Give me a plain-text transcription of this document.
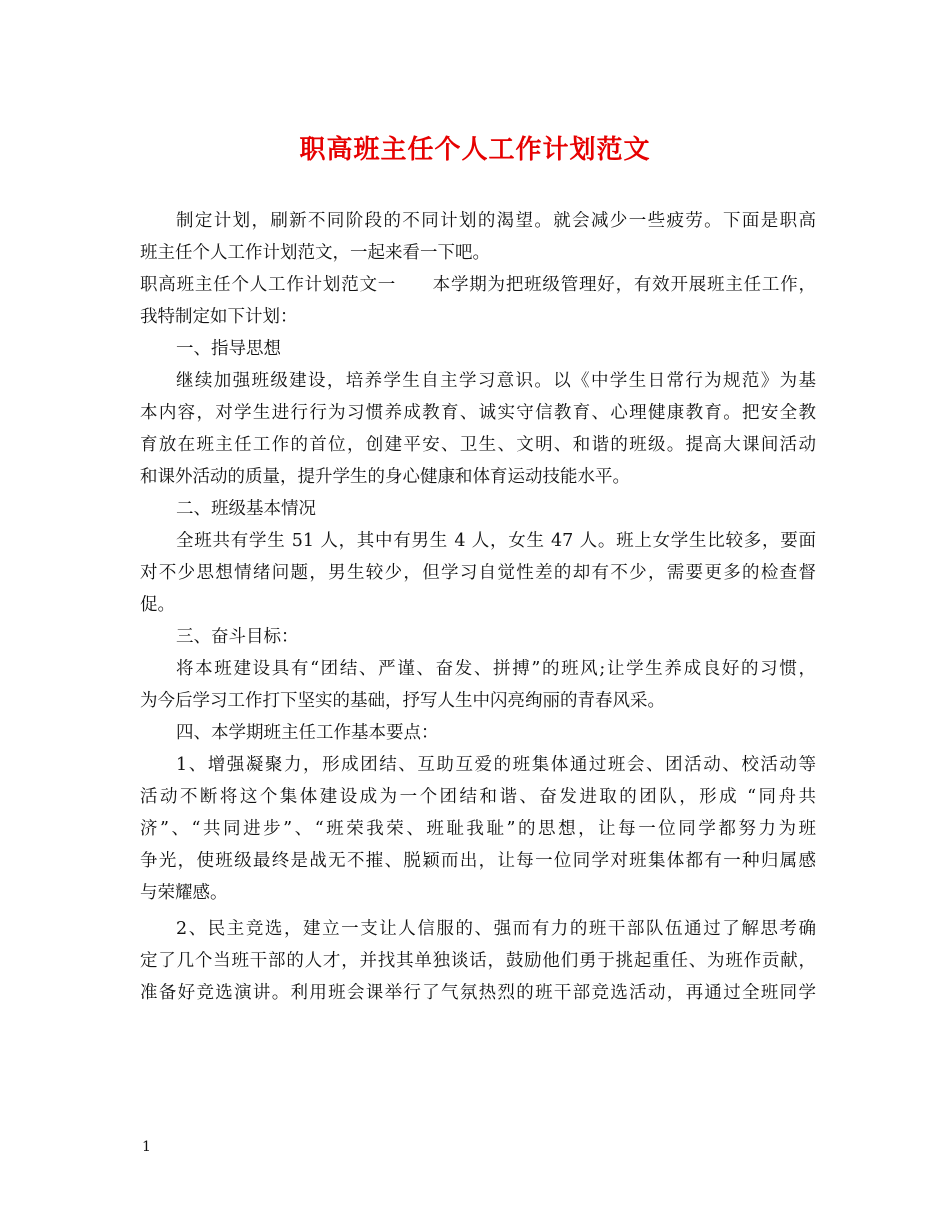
职高班主任个人工作计划范文
制定计划，刷新不同阶段的不同计划的渴望。就会减少一些疲劳。下面是职高
班主任个人工作计划范文，一起来看一下吧。
职高班主任个人工作计划范文一　　本学期为把班级管理好，有效开展班主任工作，
我特制定如下计划：
一、指导思想
继续加强班级建设，培养学生自主学习意识。以《中学生日常行为规范》为基
本内容，对学生进行行为习惯养成教育、诚实守信教育、心理健康教育。把安全教
育放在班主任工作的首位，创建平安、卫生、文明、和谐的班级。提高大课间活动
和课外活动的质量，提升学生的身心健康和体育运动技能水平。
二、班级基本情况
全班共有学生 51 人，其中有男生 4 人，女生 47 人。班上女学生比较多，要面
对不少思想情绪问题，男生较少，但学习自觉性差的却有不少，需要更多的检查督
促。
三、奋斗目标：
将本班建设具有“团结、严谨、奋发、拼搏”的班风;让学生养成良好的习惯，
为今后学习工作打下坚实的基础，抒写人生中闪亮绚丽的青春风采。
四、本学期班主任工作基本要点：
1、增强凝聚力，形成团结、互助互爱的班集体通过班会、团活动、校活动等
活动不断将这个集体建设成为一个团结和谐、奋发进取的团队，形成 “同舟共
济”、“共同进步”、“班荣我荣、班耻我耻”的思想，让每一位同学都努力为班
争光，使班级最终是战无不摧、脱颖而出，让每一位同学对班集体都有一种归属感
与荣耀感。
2、民主竞选，建立一支让人信服的、强而有力的班干部队伍通过了解思考确
定了几个当班干部的人才，并找其单独谈话，鼓励他们勇于挑起重任、为班作贡献，
准备好竞选演讲。利用班会课举行了气氛热烈的班干部竞选活动，再通过全班同学
1
